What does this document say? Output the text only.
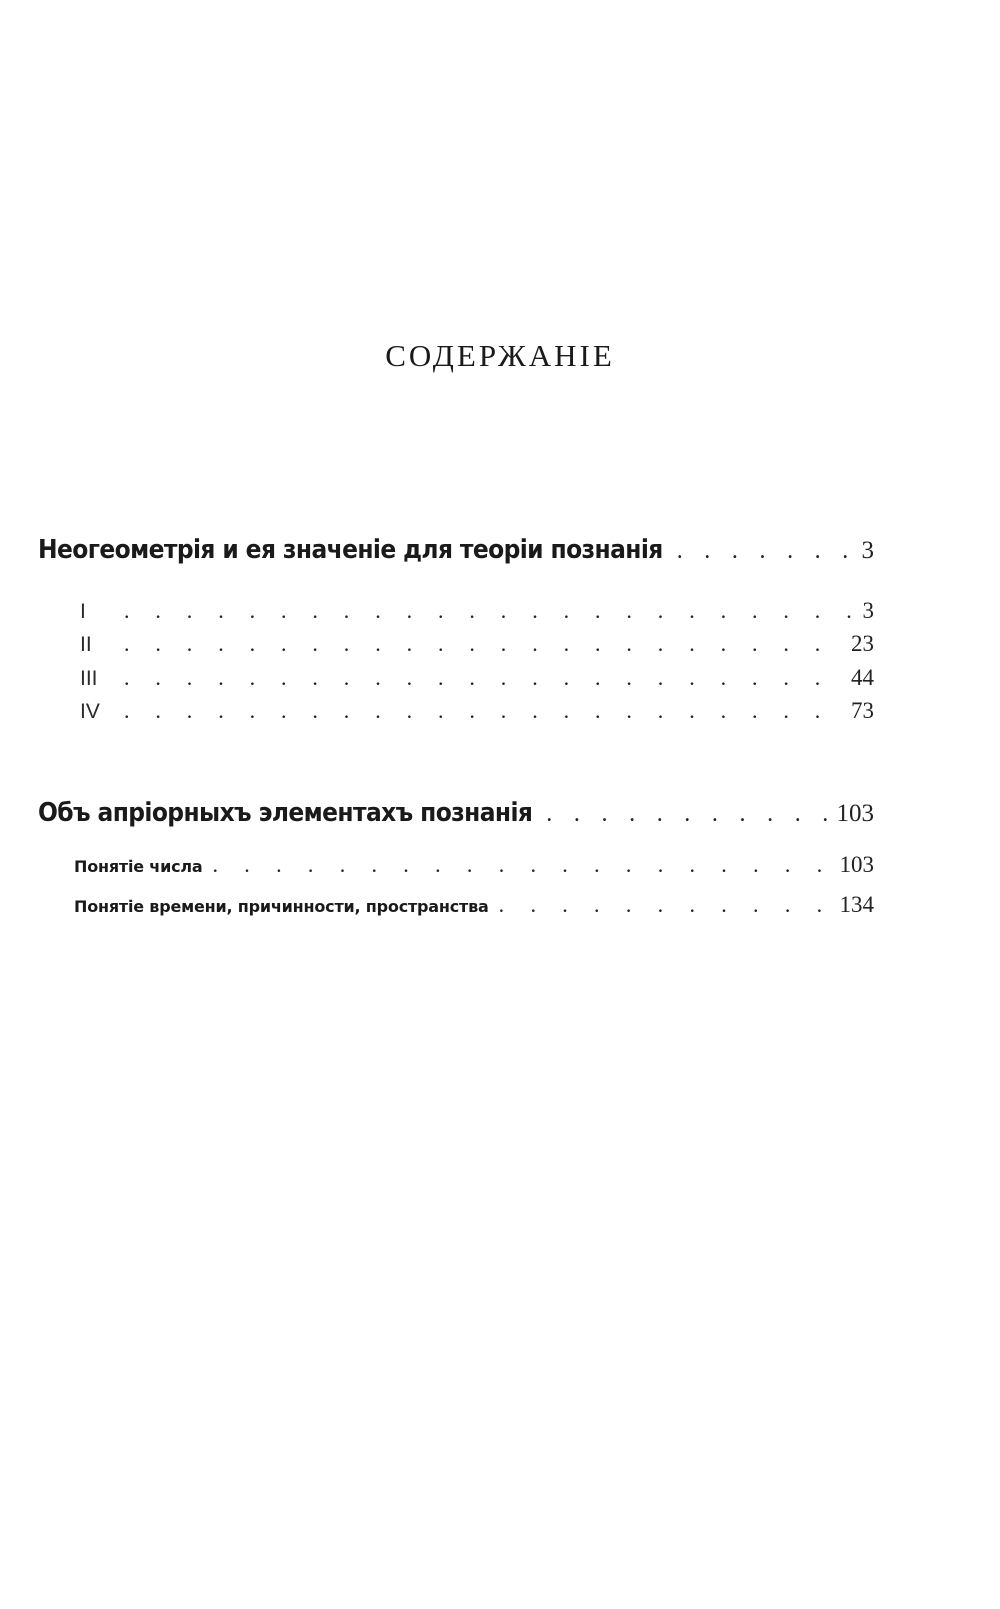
СОДЕРЖАНІЕ
Неогеометрія и ея значеніе для теоріи познанія . . .	3
I . . .	3
II . . .	23
III . . .	44
IV . . .	73
Объ апріорныхъ элементахъ познанія . . .	103
Понятіе числа . . .	103
Понятіе времени, причинности, пространства . . .	134
